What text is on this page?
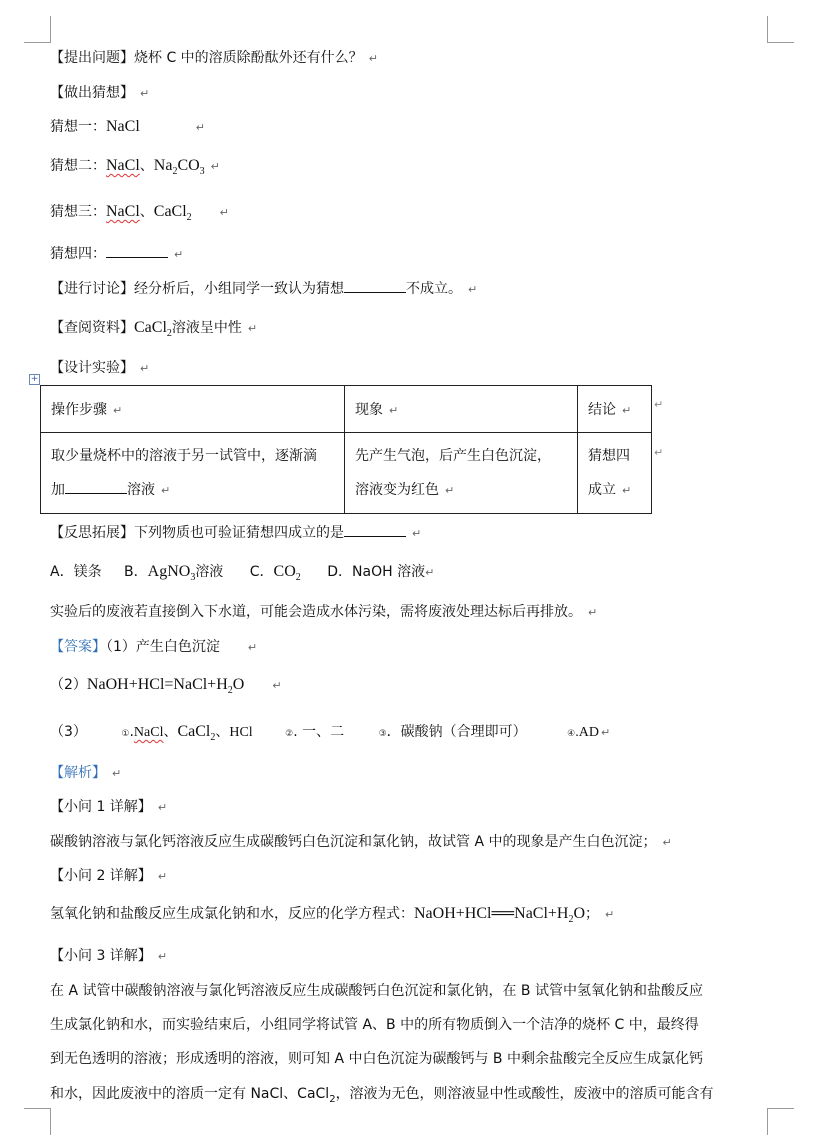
【提出问题】烧杯 C 中的溶质除酚酞外还有什么？ ↵
【做出猜想】 ↵
猜想一：NaCl	↵
猜想二：NaCl、$Na_2CO_3$ ↵
猜想三：NaCl、CaCl$_2$	↵
猜想四：	↵
【进行讨论】经分析后，小组同学一致认为猜想	不成立。 ↵
【查阅资料】CaCl$_2$溶液呈中性 ↵
【设计实验】 ↵
+
操作步骤 ↵	现象 ↵	结论 ↵
取少量烧杯中的溶液于另一试管中，逐渐滴
加 溶液 ↵	先产生气泡，后产生白色沉淀，
溶液变为红色 ↵	猜想四
成立 ↵
↵
↵
【反思拓展】下列物质也可验证猜想四成立的是	↵
A．镁条 B．AgNO$_3$溶液 C．$CO_2$ D．NaOH 溶液↵
实验后的废液若直接倒入下水道，可能会造成水体污染，需将废液处理达标后再排放。 ↵
【答案】（1）产生白色沉淀	↵
$(2)NaOH+HCl=NaCl+H_2O$	↵
（3）	①.NaCl、CaCl$_2$、HCl	②. 一、二	③．碳酸钠（合理即可）	④.AD ↵
【解析】 ↵
【小问 1 详解】 ↵
碳酸钠溶液与氯化钙溶液反应生成碳酸钙白色沉淀和氯化钠，故试管 A 中的现象是产生白色沉淀； ↵
【小问 2 详解】 ↵
氢氧化钠和盐酸反应生成氯化钠和水，反应的化学方程式：$NaOH+HCl══NaCl+H_2O$； ↵
【小问 3 详解】 ↵
在 A 试管中碳酸钠溶液与氯化钙溶液反应生成碳酸钙白色沉淀和氯化钠，在 B 试管中氢氧化钠和盐酸反应
生成氯化钠和水，而实验结束后，小组同学将试管 A、B 中的所有物质倒入一个洁净的烧杯 C 中，最终得
到无色透明的溶液；形成透明的溶液，则可知 A 中白色沉淀为碳酸钙与 B 中剩余盐酸完全反应生成氯化钙
和水，因此废液中的溶质一定有 NaCl、CaCl$_2$，溶液为无色，则溶液显中性或酸性，废液中的溶质可能含有
